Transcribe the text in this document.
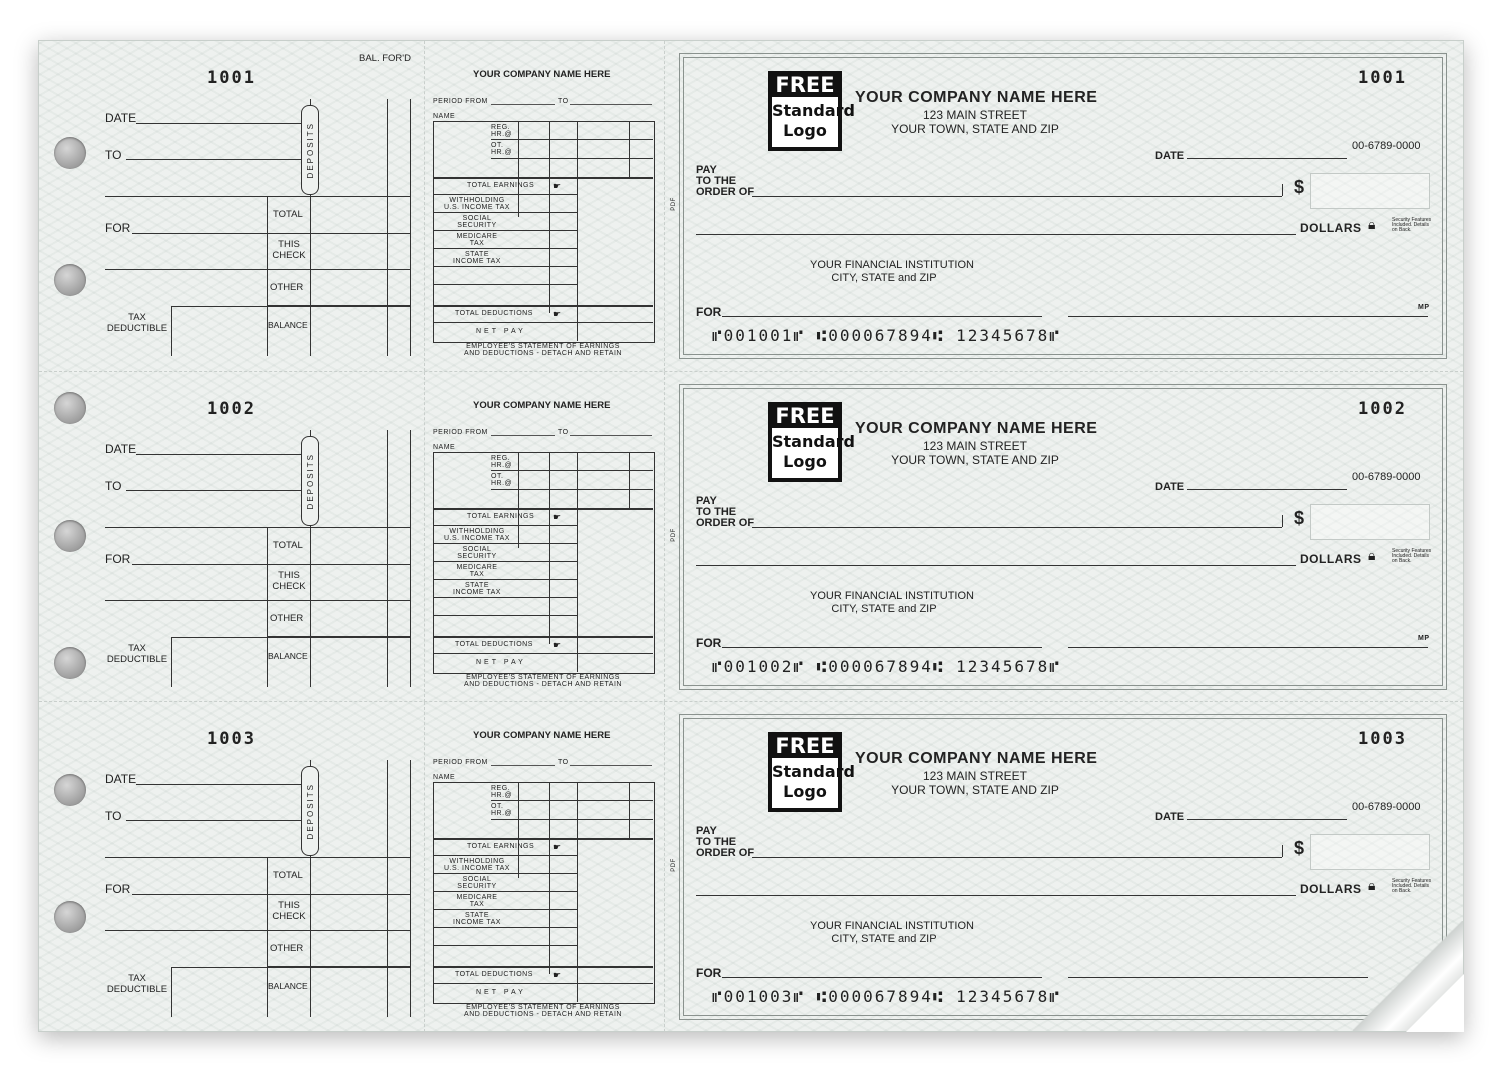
BAL. FOR'D
1001
DATE
TO
FOR
TAX
DEDUCTIBLE
DEPOSITS
TOTAL
THIS
CHECK
OTHER
BALANCE
YOUR COMPANY NAME HERE
PERIOD FROM	TO
NAME
REG.
HR.@
OT.
HR.@
TOTAL EARNINGS ☛
WITHHOLDING
U.S. INCOME TAX
SOCIAL
SECURITY
MEDICARE
TAX
STATE
INCOME TAX
TOTAL DEDUCTIONS ☛
NET PAY
EMPLOYEE'S STATEMENT OF EARNINGS
AND DEDUCTIONS - DETACH AND RETAIN
PDF
FREE
Standard
Logo
YOUR COMPANY NAME HERE
123 MAIN STREET
YOUR TOWN, STATE AND ZIP
1001
00-6789-0000
DATE
PAY
TO THE
ORDER OF	$
DOLLARS 🔒︎	Security Features Included. Details on Back.
YOUR FINANCIAL INSTITUTION
CITY, STATE and ZIP
FOR	MP
⑈001001⑈ ⑆000067894⑆ 12345678⑈
1002
DATE
TO
FOR
TAX
DEDUCTIBLE
DEPOSITS
TOTAL
THIS
CHECK
OTHER
BALANCE
YOUR COMPANY NAME HERE
PERIOD FROM	TO
NAME
REG.
HR.@
OT.
HR.@
TOTAL EARNINGS ☛
WITHHOLDING
U.S. INCOME TAX
SOCIAL
SECURITY
MEDICARE
TAX
STATE
INCOME TAX
TOTAL DEDUCTIONS ☛
NET PAY
EMPLOYEE'S STATEMENT OF EARNINGS
AND DEDUCTIONS - DETACH AND RETAIN
PDF
FREE
Standard
Logo
YOUR COMPANY NAME HERE
123 MAIN STREET
YOUR TOWN, STATE AND ZIP
1002
00-6789-0000
DATE
PAY
TO THE
ORDER OF	$
DOLLARS 🔒︎	Security Features Included. Details on Back.
YOUR FINANCIAL INSTITUTION
CITY, STATE and ZIP
FOR	MP
⑈001002⑈ ⑆000067894⑆ 12345678⑈
1003
DATE
TO
FOR
TAX
DEDUCTIBLE
DEPOSITS
TOTAL
THIS
CHECK
OTHER
BALANCE
YOUR COMPANY NAME HERE
PERIOD FROM	TO
NAME
REG.
HR.@
OT.
HR.@
TOTAL EARNINGS ☛
WITHHOLDING
U.S. INCOME TAX
SOCIAL
SECURITY
MEDICARE
TAX
STATE
INCOME TAX
TOTAL DEDUCTIONS ☛
NET PAY
EMPLOYEE'S STATEMENT OF EARNINGS
AND DEDUCTIONS - DETACH AND RETAIN
PDF
FREE
Standard
Logo
YOUR COMPANY NAME HERE
123 MAIN STREET
YOUR TOWN, STATE AND ZIP
1003
00-6789-0000
DATE
PAY
TO THE
ORDER OF	$
DOLLARS 🔒︎	Security Features Included. Details on Back.
YOUR FINANCIAL INSTITUTION
CITY, STATE and ZIP
FOR
⑈001003⑈ ⑆000067894⑆ 12345678⑈
